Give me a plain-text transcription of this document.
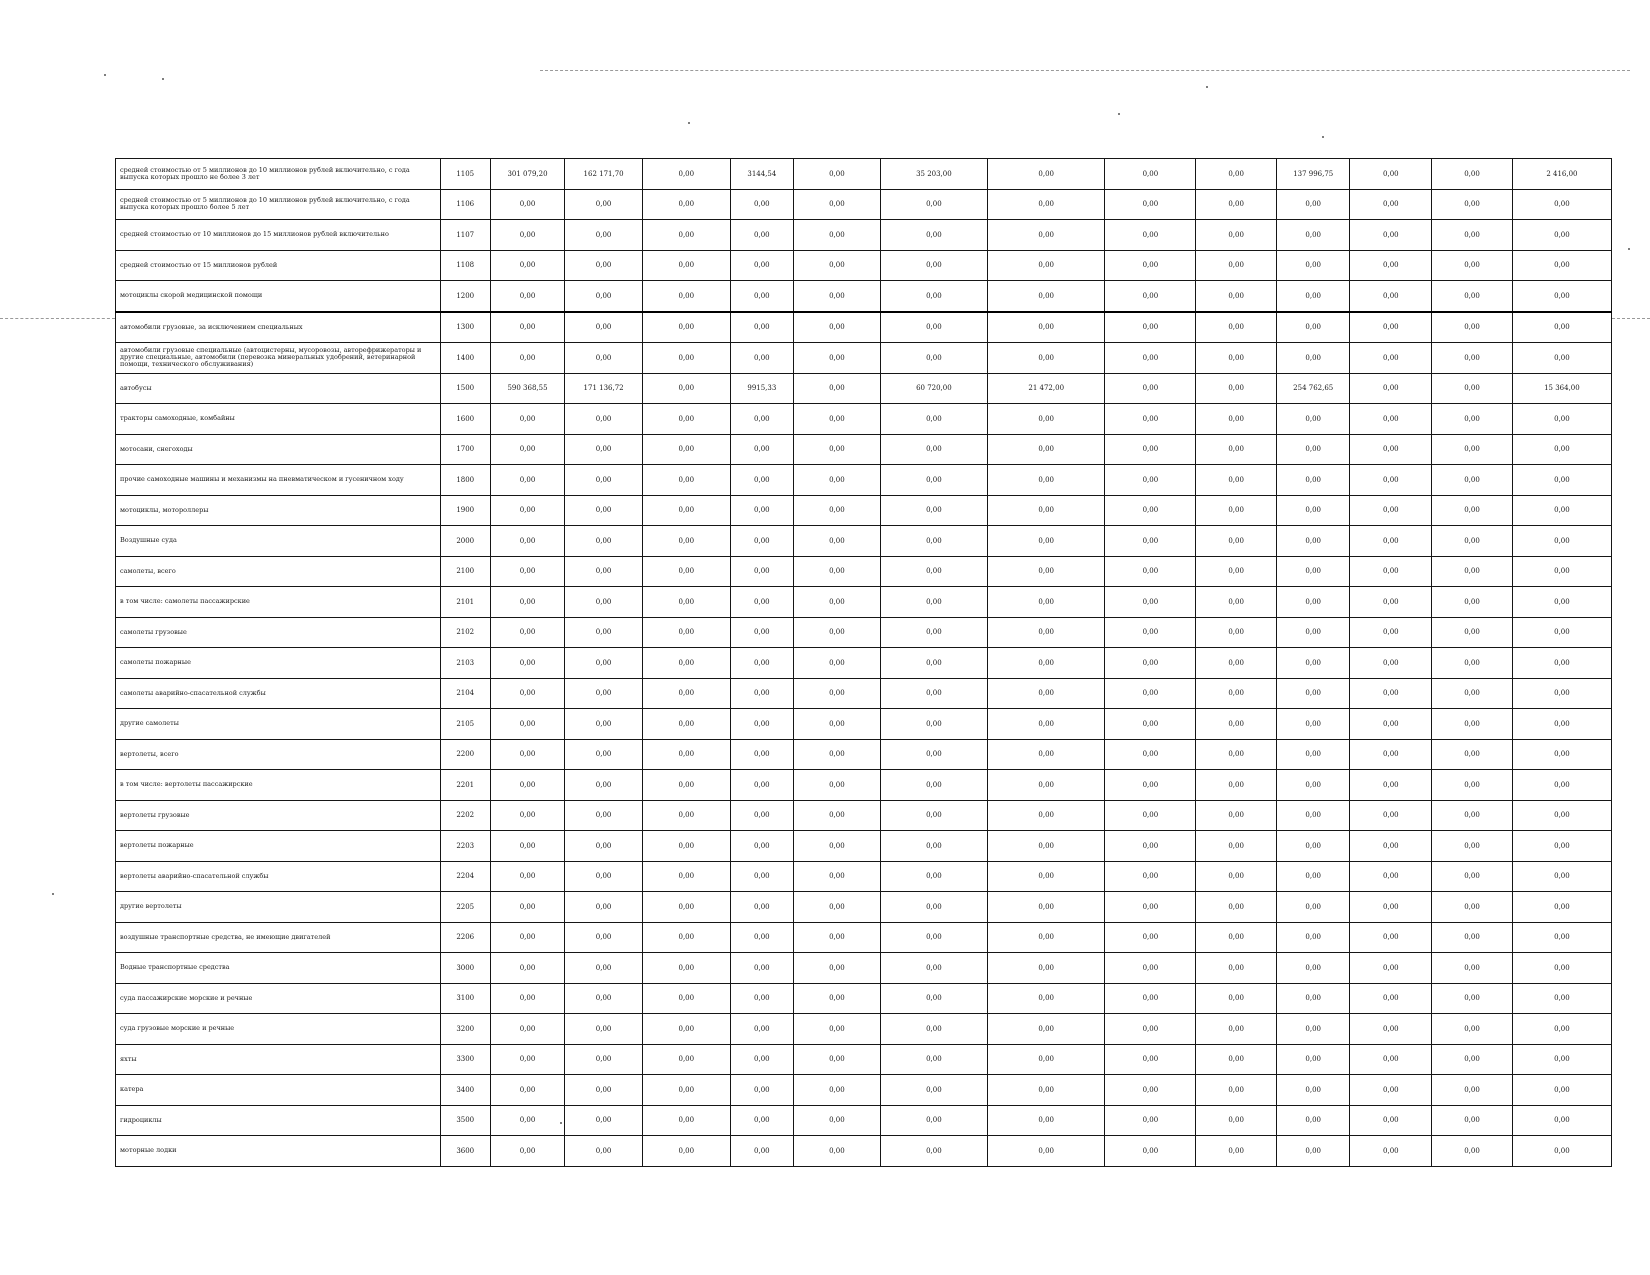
средней стоимостью от 5 миллионов до 10 миллионов рублей включительно, с года выпуска которых прошло не более 3 лет	1105	301 079,20	162 171,70	0,00	3144,54	0,00	35 203,00	0,00	0,00	0,00	137 996,75	0,00	0,00	2 416,00
средней стоимостью от 5 миллионов до 10 миллионов рублей включительно, с года выпуска которых прошло более 5 лет	1106	0,00	0,00	0,00	0,00	0,00	0,00	0,00	0,00	0,00	0,00	0,00	0,00	0,00
средней стоимостью от 10 миллионов до 15 миллионов рублей включительно	1107	0,00	0,00	0,00	0,00	0,00	0,00	0,00	0,00	0,00	0,00	0,00	0,00	0,00
средней стоимостью от 15 миллионов рублей	1108	0,00	0,00	0,00	0,00	0,00	0,00	0,00	0,00	0,00	0,00	0,00	0,00	0,00
мотоциклы скорой медицинской помощи	1200	0,00	0,00	0,00	0,00	0,00	0,00	0,00	0,00	0,00	0,00	0,00	0,00	0,00
автомобили грузовые, за исключением специальных	1300	0,00	0,00	0,00	0,00	0,00	0,00	0,00	0,00	0,00	0,00	0,00	0,00	0,00
автомобили грузовые специальные (автоцистерны, мусоровозы, авторефрижераторы и другие специальные, автомобили (перевозка минеральных удобрений, ветеринарной помощи, технического обслуживания)	1400	0,00	0,00	0,00	0,00	0,00	0,00	0,00	0,00	0,00	0,00	0,00	0,00	0,00
автобусы	1500	590 368,55	171 136,72	0,00	9915,33	0,00	60 720,00	21 472,00	0,00	0,00	254 762,65	0,00	0,00	15 364,00
тракторы самоходные, комбайны	1600	0,00	0,00	0,00	0,00	0,00	0,00	0,00	0,00	0,00	0,00	0,00	0,00	0,00
мотосани, снегоходы	1700	0,00	0,00	0,00	0,00	0,00	0,00	0,00	0,00	0,00	0,00	0,00	0,00	0,00
прочие самоходные машины и механизмы на пневматическом и гусеничном ходу	1800	0,00	0,00	0,00	0,00	0,00	0,00	0,00	0,00	0,00	0,00	0,00	0,00	0,00
мотоциклы, мотороллеры	1900	0,00	0,00	0,00	0,00	0,00	0,00	0,00	0,00	0,00	0,00	0,00	0,00	0,00
Воздушные суда	2000	0,00	0,00	0,00	0,00	0,00	0,00	0,00	0,00	0,00	0,00	0,00	0,00	0,00
самолеты, всего	2100	0,00	0,00	0,00	0,00	0,00	0,00	0,00	0,00	0,00	0,00	0,00	0,00	0,00
в том числе: самолеты пассажирские	2101	0,00	0,00	0,00	0,00	0,00	0,00	0,00	0,00	0,00	0,00	0,00	0,00	0,00
самолеты грузовые	2102	0,00	0,00	0,00	0,00	0,00	0,00	0,00	0,00	0,00	0,00	0,00	0,00	0,00
самолеты пожарные	2103	0,00	0,00	0,00	0,00	0,00	0,00	0,00	0,00	0,00	0,00	0,00	0,00	0,00
самолеты аварийно-спасательной службы	2104	0,00	0,00	0,00	0,00	0,00	0,00	0,00	0,00	0,00	0,00	0,00	0,00	0,00
другие самолеты	2105	0,00	0,00	0,00	0,00	0,00	0,00	0,00	0,00	0,00	0,00	0,00	0,00	0,00
вертолеты, всего	2200	0,00	0,00	0,00	0,00	0,00	0,00	0,00	0,00	0,00	0,00	0,00	0,00	0,00
в том числе: вертолеты пассажирские	2201	0,00	0,00	0,00	0,00	0,00	0,00	0,00	0,00	0,00	0,00	0,00	0,00	0,00
вертолеты грузовые	2202	0,00	0,00	0,00	0,00	0,00	0,00	0,00	0,00	0,00	0,00	0,00	0,00	0,00
вертолеты пожарные	2203	0,00	0,00	0,00	0,00	0,00	0,00	0,00	0,00	0,00	0,00	0,00	0,00	0,00
вертолеты аварийно-спасательной службы	2204	0,00	0,00	0,00	0,00	0,00	0,00	0,00	0,00	0,00	0,00	0,00	0,00	0,00
другие вертолеты	2205	0,00	0,00	0,00	0,00	0,00	0,00	0,00	0,00	0,00	0,00	0,00	0,00	0,00
воздушные транспортные средства, не имеющие двигателей	2206	0,00	0,00	0,00	0,00	0,00	0,00	0,00	0,00	0,00	0,00	0,00	0,00	0,00
Водные транспортные средства	3000	0,00	0,00	0,00	0,00	0,00	0,00	0,00	0,00	0,00	0,00	0,00	0,00	0,00
суда пассажирские морские и речные	3100	0,00	0,00	0,00	0,00	0,00	0,00	0,00	0,00	0,00	0,00	0,00	0,00	0,00
суда грузовые морские и речные	3200	0,00	0,00	0,00	0,00	0,00	0,00	0,00	0,00	0,00	0,00	0,00	0,00	0,00
яхты	3300	0,00	0,00	0,00	0,00	0,00	0,00	0,00	0,00	0,00	0,00	0,00	0,00	0,00
катера	3400	0,00	0,00	0,00	0,00	0,00	0,00	0,00	0,00	0,00	0,00	0,00	0,00	0,00
гидроциклы	3500	0,00	0,00	0,00	0,00	0,00	0,00	0,00	0,00	0,00	0,00	0,00	0,00	0,00
моторные лодки	3600	0,00	0,00	0,00	0,00	0,00	0,00	0,00	0,00	0,00	0,00	0,00	0,00	0,00
